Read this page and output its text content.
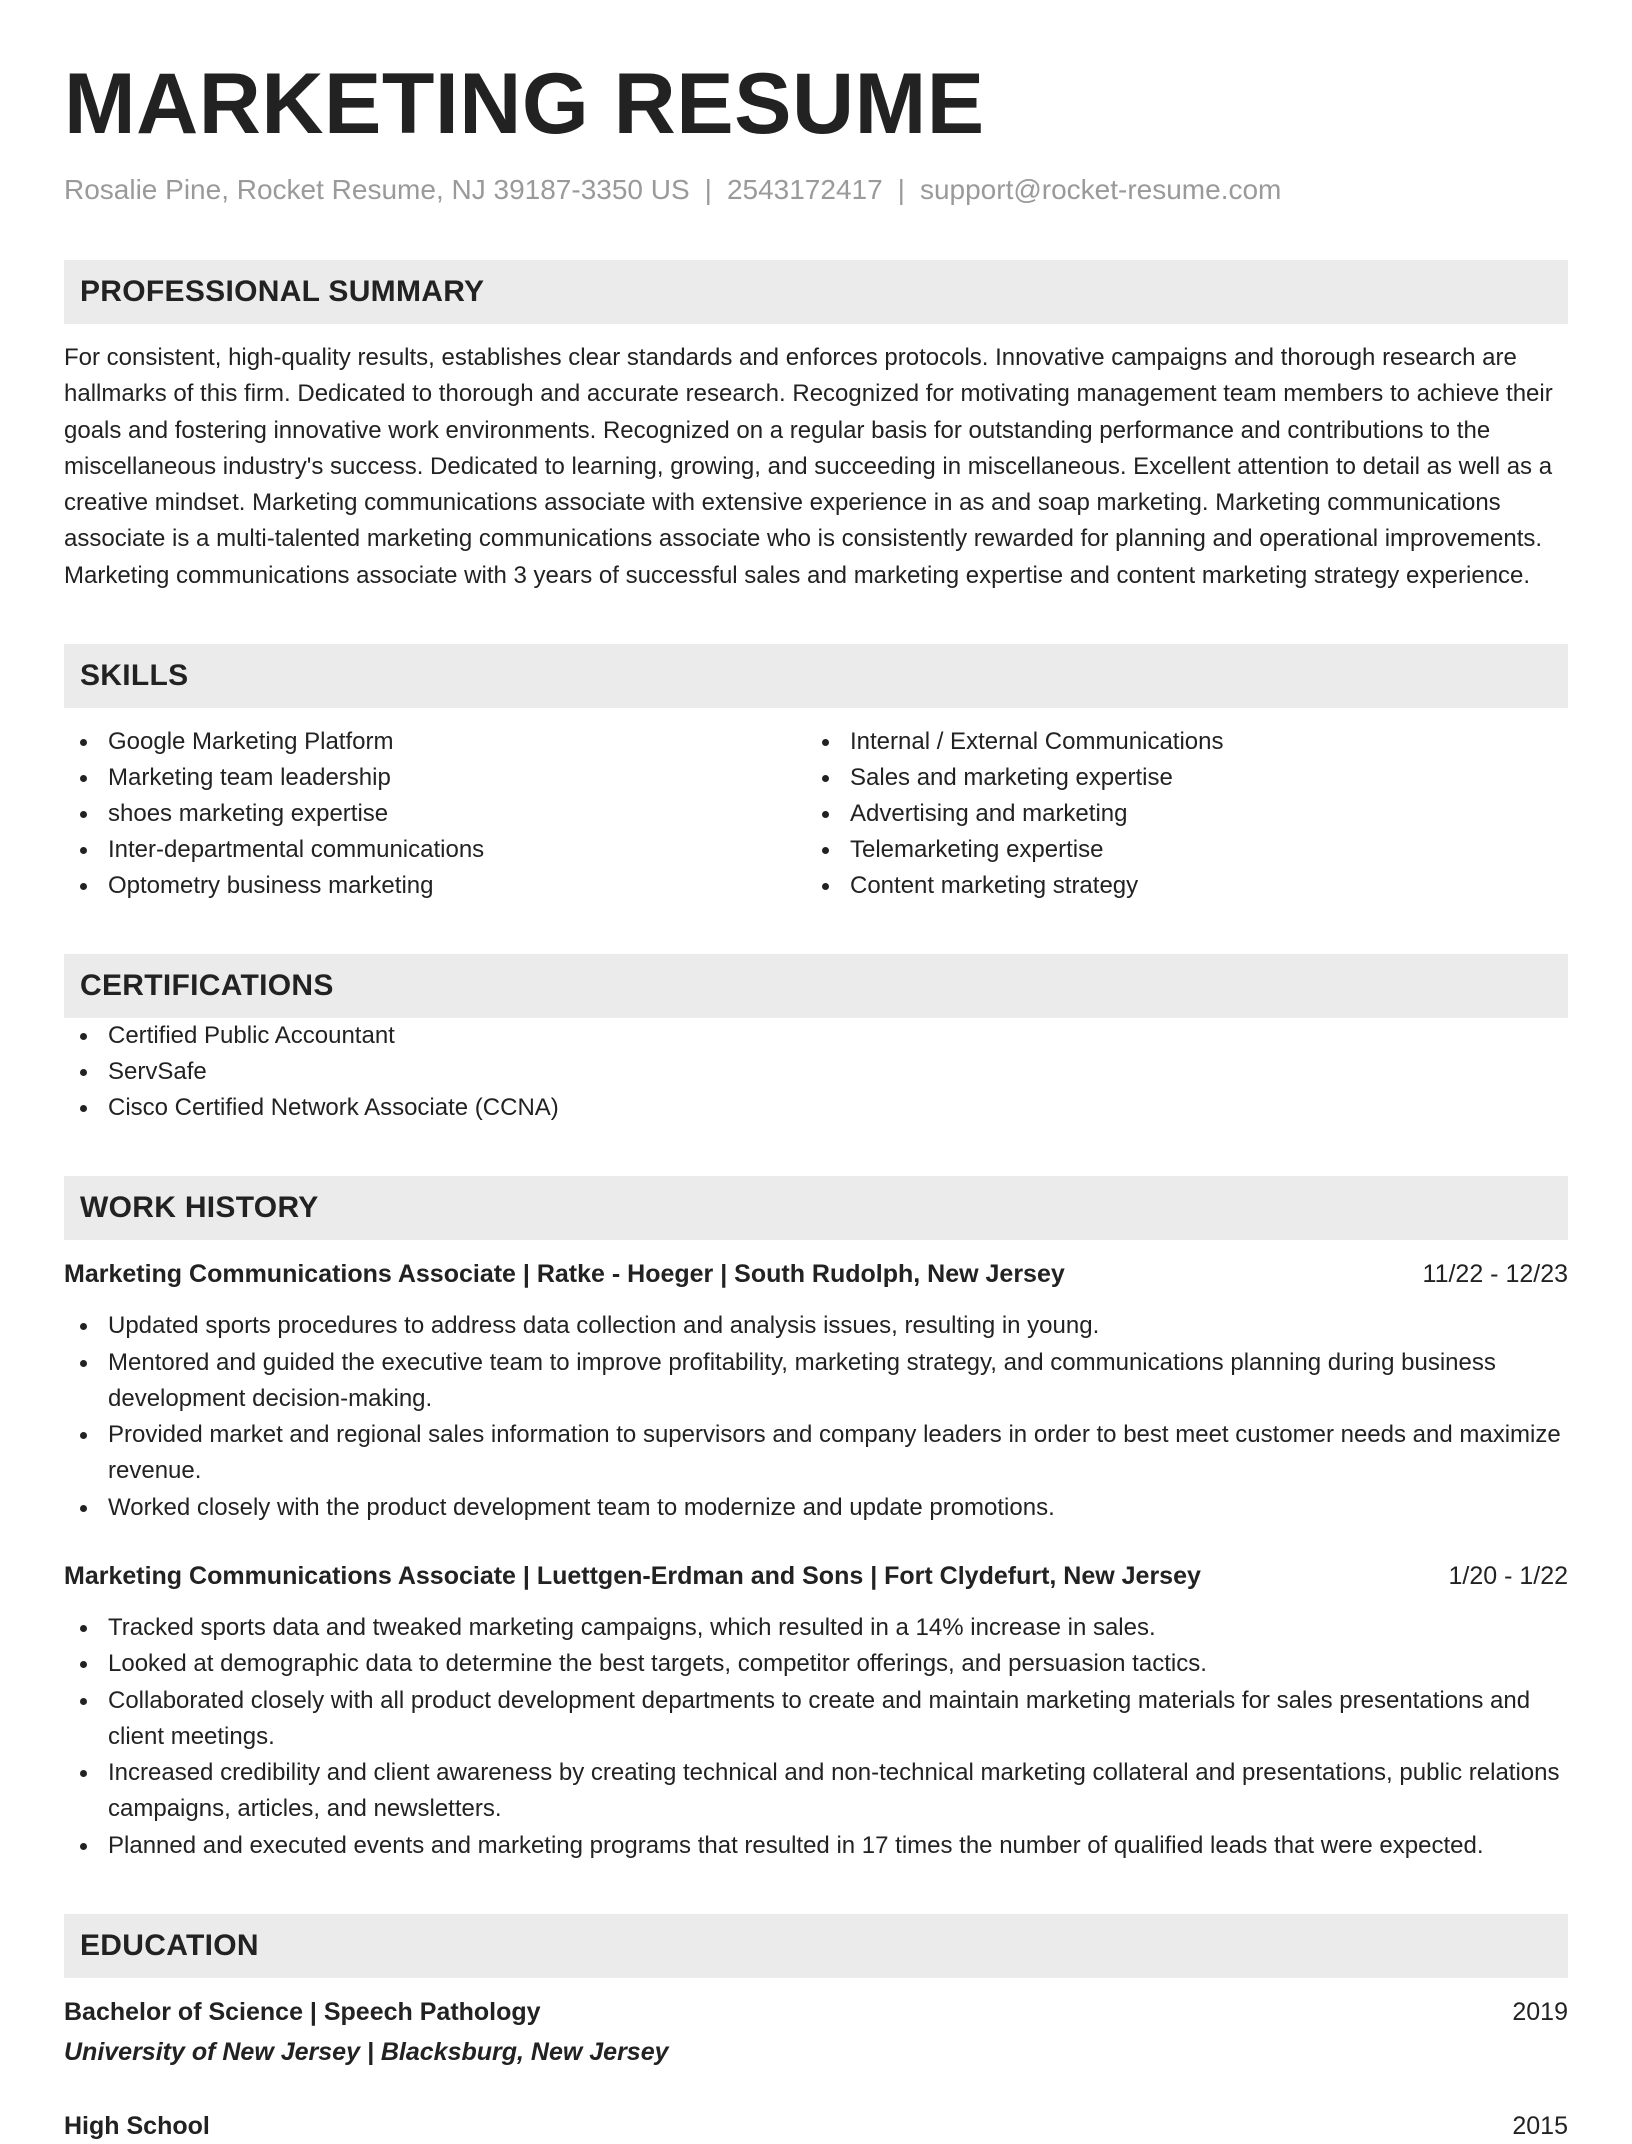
MARKETING RESUME
Rosalie Pine, Rocket Resume, NJ 39187-3350 US | 2543172417 | support@rocket-resume.com
PROFESSIONAL SUMMARY
For consistent, high-quality results, establishes clear standards and enforces protocols. Innovative campaigns and thorough research are hallmarks of this firm. Dedicated to thorough and accurate research. Recognized for motivating management team members to achieve their goals and fostering innovative work environments. Recognized on a regular basis for outstanding performance and contributions to the miscellaneous industry's success. Dedicated to learning, growing, and succeeding in miscellaneous. Excellent attention to detail as well as a creative mindset. Marketing communications associate with extensive experience in as and soap marketing. Marketing communications associate is a multi-talented marketing communications associate who is consistently rewarded for planning and operational improvements. Marketing communications associate with 3 years of successful sales and marketing expertise and content marketing strategy experience.
SKILLS
Google Marketing Platform
Marketing team leadership
shoes marketing expertise
Inter-departmental communications
Optometry business marketing
Internal / External Communications
Sales and marketing expertise
Advertising and marketing
Telemarketing expertise
Content marketing strategy
CERTIFICATIONS
Certified Public Accountant
ServSafe
Cisco Certified Network Associate (CCNA)
WORK HISTORY
Marketing Communications Associate | Ratke - Hoeger | South Rudolph, New Jersey	11/22 - 12/23
Updated sports procedures to address data collection and analysis issues, resulting in young.
Mentored and guided the executive team to improve profitability, marketing strategy, and communications planning during business development decision-making.
Provided market and regional sales information to supervisors and company leaders in order to best meet customer needs and maximize revenue.
Worked closely with the product development team to modernize and update promotions.
Marketing Communications Associate | Luettgen-Erdman and Sons | Fort Clydefurt, New Jersey	1/20 - 1/22
Tracked sports data and tweaked marketing campaigns, which resulted in a 14% increase in sales.
Looked at demographic data to determine the best targets, competitor offerings, and persuasion tactics.
Collaborated closely with all product development departments to create and maintain marketing materials for sales presentations and client meetings.
Increased credibility and client awareness by creating technical and non-technical marketing collateral and presentations, public relations campaigns, articles, and newsletters.
Planned and executed events and marketing programs that resulted in 17 times the number of qualified leads that were expected.
EDUCATION
Bachelor of Science | Speech Pathology	2019
University of New Jersey | Blacksburg, New Jersey
High School	2015
